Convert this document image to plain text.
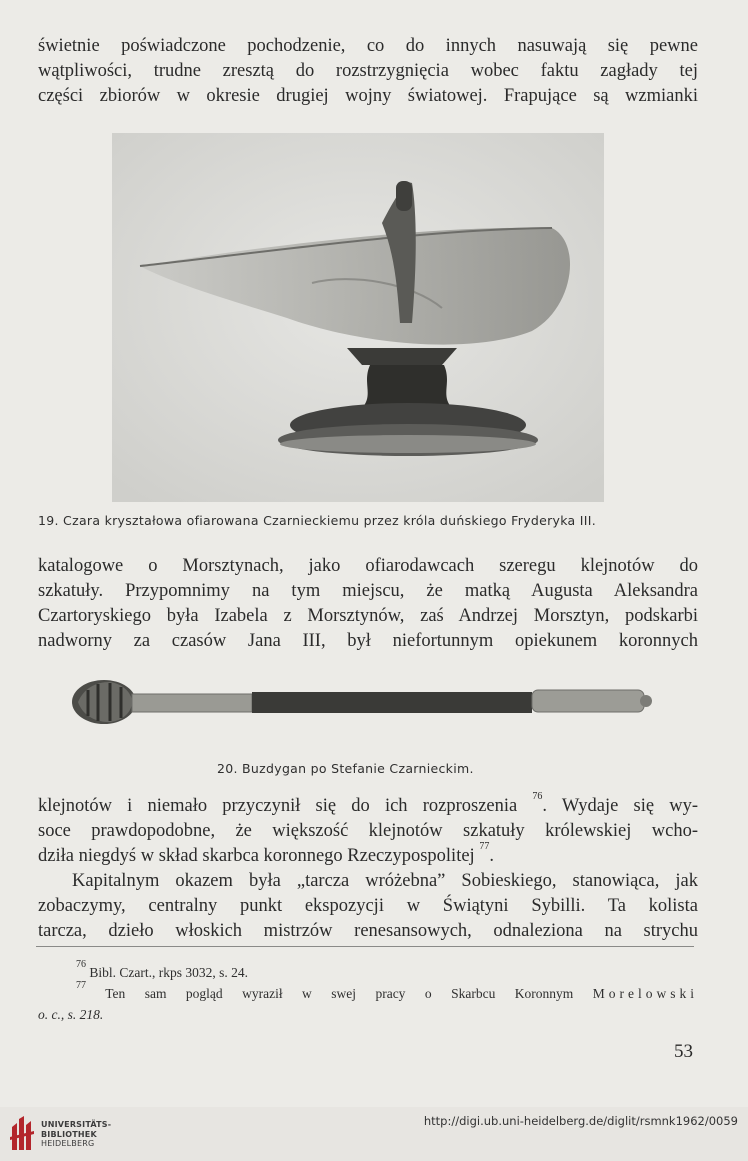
świetnie poświadczone pochodzenie, co do innych nasuwają się pewne
wątpliwości, trudne zresztą do rozstrzygnięcia wobec faktu zagłady tej
części zbiorów w okresie drugiej wojny światowej. Frapujące są wzmianki
19. Czara kryształowa ofiarowana Czarnieckiemu przez króla duńskiego Fryderyka III.
katalogowe o Morsztynach, jako ofiarodawcach szeregu klejnotów do
szkatuły. Przypomnimy na tym miejscu, że matką Augusta Aleksandra
Czartoryskiego była Izabela z Morsztynów, zaś Andrzej Morsztyn, podskarbi
nadworny za czasów Jana III, był niefortunnym opiekunem koronnych
20. Buzdygan po Stefanie Czarnieckim.
klejnotów i niemało przyczynił się do ich rozproszenia $^{76}$. Wydaje się wy-
soce prawdopodobne, że większość klejnotów szkatuły królewskiej wcho-
dziła niegdyś w skład skarbca koronnego Rzeczypospolitej $^{77}$.
Kapitalnym okazem była „tarcza wróżebna” Sobieskiego, stanowiąca, jak
zobaczymy, centralny punkt ekspozycji w Świątyni Sybilli. Ta kolista
tarcza, dzieło włoskich mistrzów renesansowych, odnaleziona na strychu
$^{76}$ Bibl. Czart., rkps 3032, s. 24.
$^{77}$ Ten sam pogląd wyraził w swej pracy o Skarbcu Koronnym Morelowski
o. c., s. 218.
53
UNIVERSITÄTS-
BIBLIOTHEK
HEIDELBERG
http://digi.ub.uni-heidelberg.de/diglit/rsmnk1962/0059
